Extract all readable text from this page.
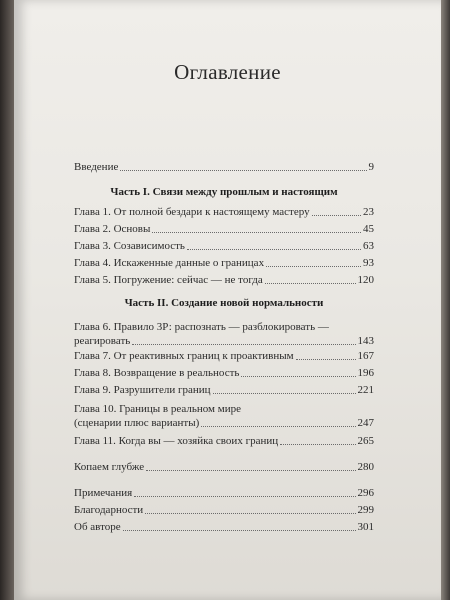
Оглавление
Введение	9
Часть I. Связи между прошлым и настоящим
Глава 1. От полной бездари к настоящему мастеру	23
Глава 2. Основы	45
Глава 3. Созависимость	63
Глава 4. Искаженные данные о границах	93
Глава 5. Погружение: сейчас — не тогда	120
Часть II. Создание новой нормальности
Глава 6. Правило 3Р: распознать — разблокировать —
реагировать	143
Глава 7. От реактивных границ к проактивным	167
Глава 8. Возвращение в реальность	196
Глава 9. Разрушители границ	221
Глава 10. Границы в реальном мире
(сценарии плюс варианты)	247
Глава 11. Когда вы — хозяйка своих границ	265
Копаем глубже	280
Примечания	296
Благодарности	299
Об авторе	301
